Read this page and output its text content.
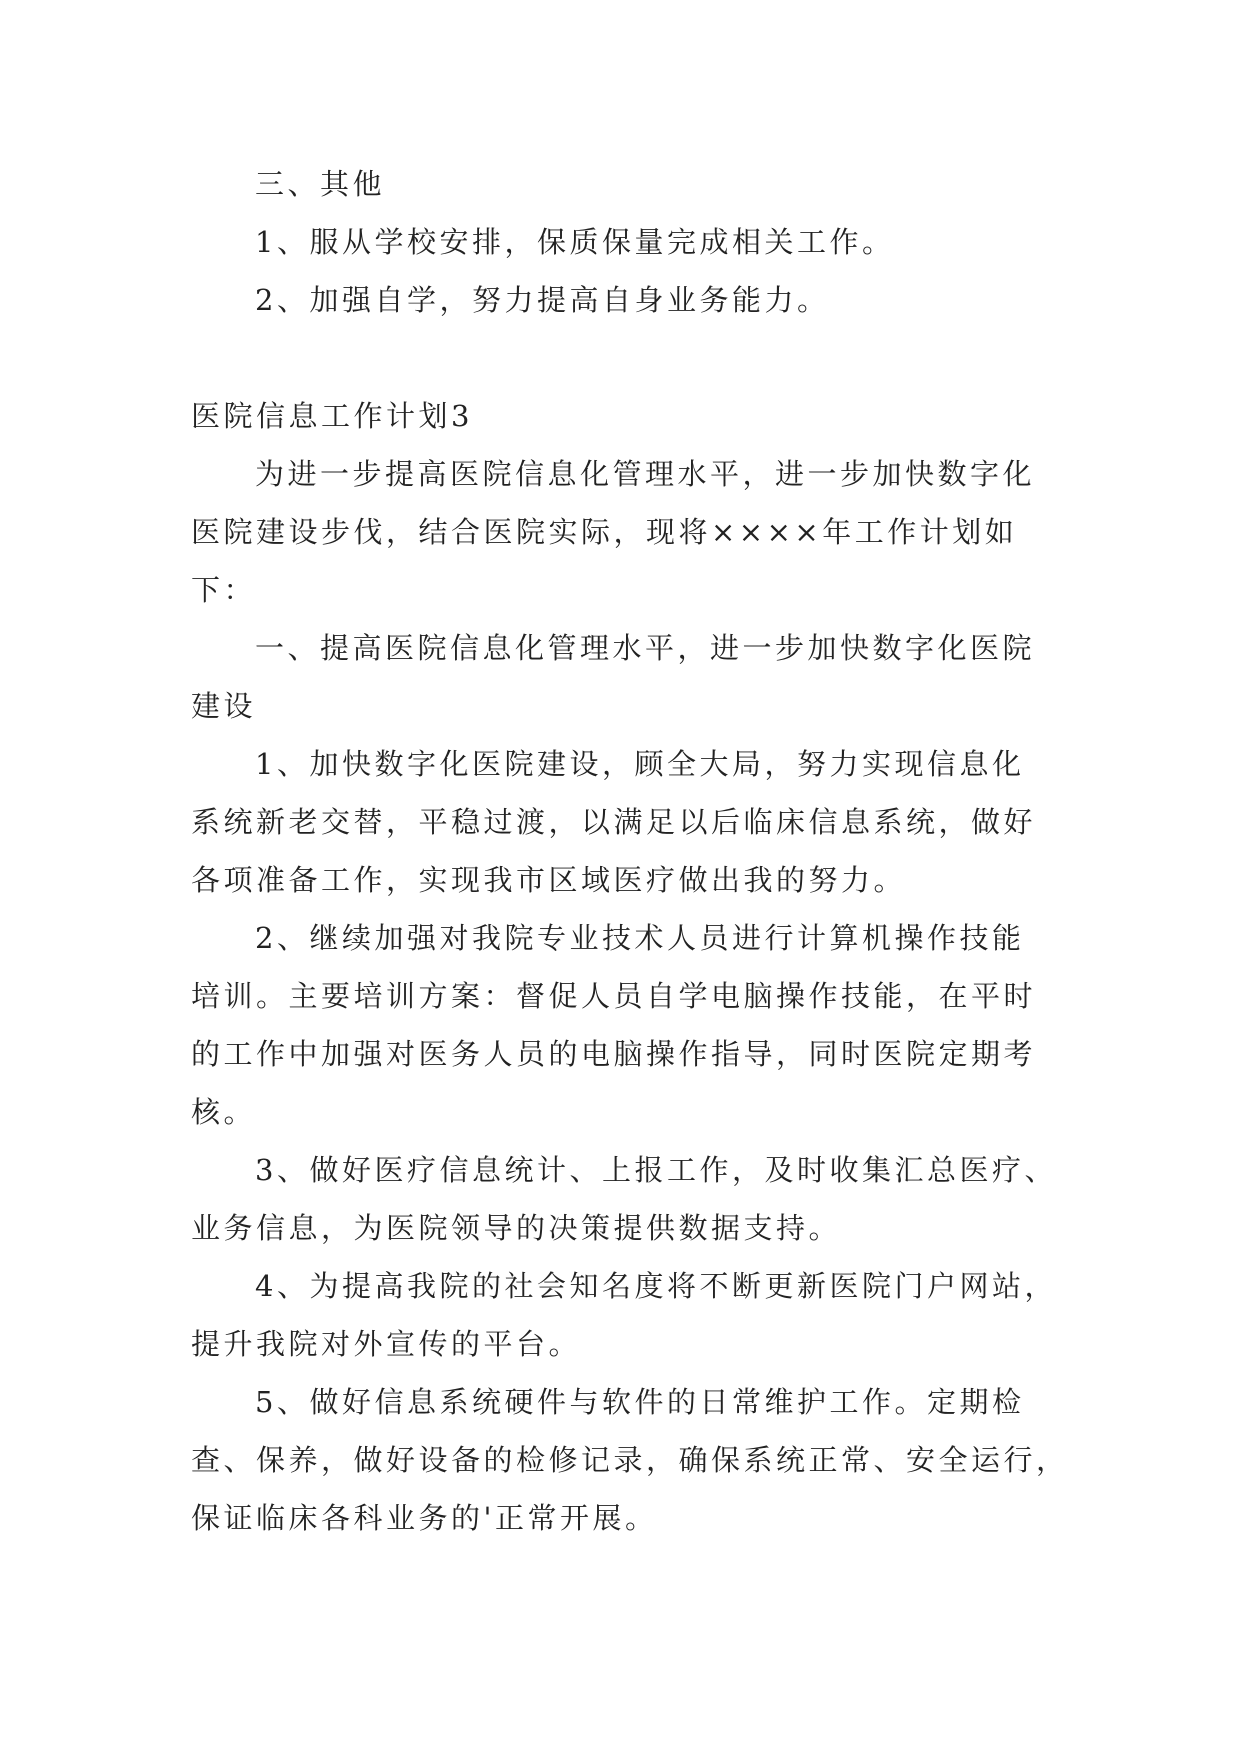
三、其他
1、服从学校安排，保质保量完成相关工作。
2、加强自学，努力提高自身业务能力。
医院信息工作计划3
为进一步提高医院信息化管理水平，进一步加快数字化
医院建设步伐，结合医院实际，现将××××年工作计划如
下：
一、提高医院信息化管理水平，进一步加快数字化医院
建设
1、加快数字化医院建设，顾全大局，努力实现信息化
系统新老交替，平稳过渡，以满足以后临床信息系统，做好
各项准备工作，实现我市区域医疗做出我的努力。
2、继续加强对我院专业技术人员进行计算机操作技能
培训。主要培训方案：督促人员自学电脑操作技能，在平时
的工作中加强对医务人员的电脑操作指导，同时医院定期考
核。
3、做好医疗信息统计、上报工作，及时收集汇总医疗、
业务信息，为医院领导的决策提供数据支持。
4、为提高我院的社会知名度将不断更新医院门户网站，
提升我院对外宣传的平台。
5、做好信息系统硬件与软件的日常维护工作。定期检
查、保养，做好设备的检修记录，确保系统正常、安全运行，
保证临床各科业务的'正常开展。
